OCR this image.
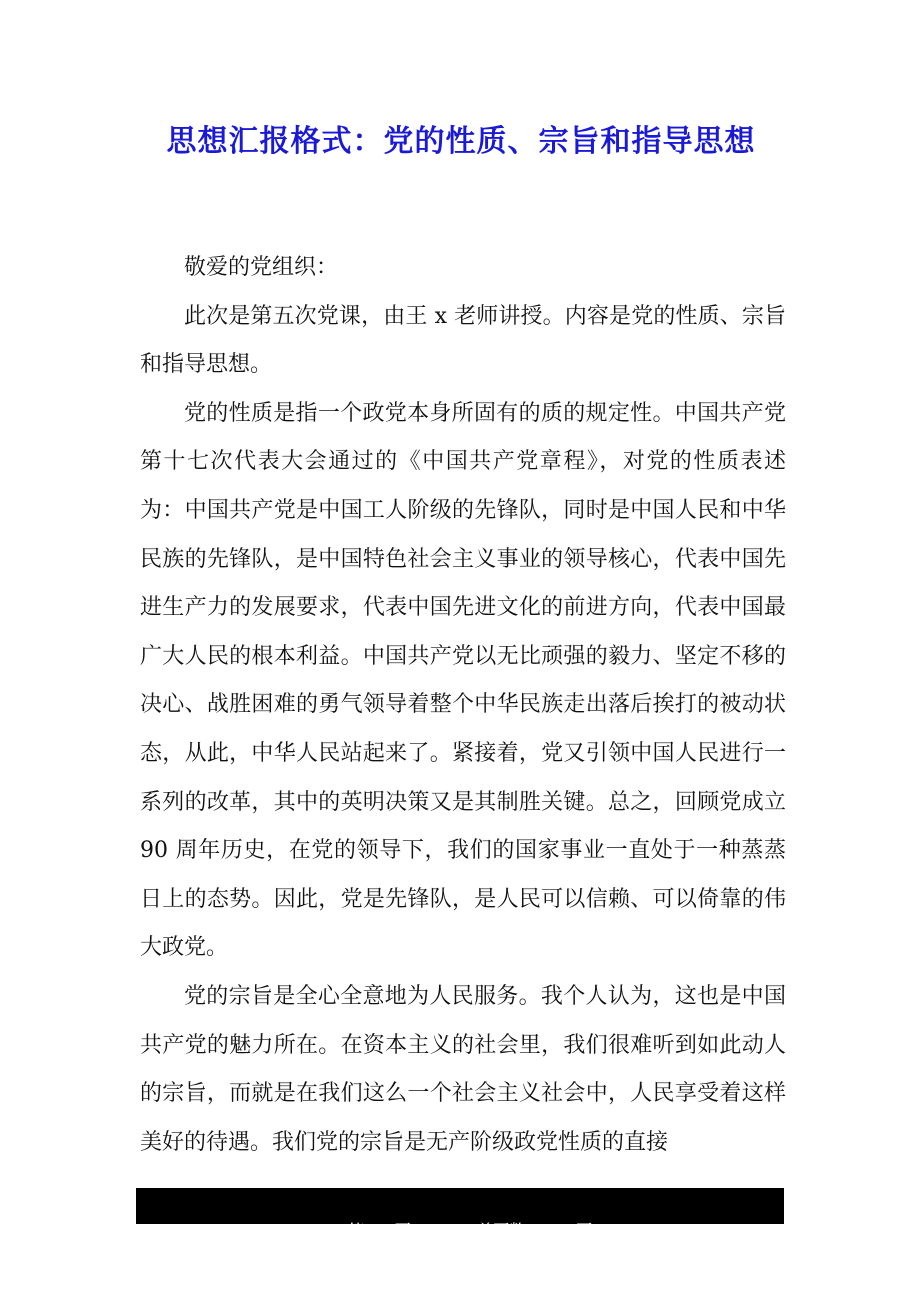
思想汇报格式：党的性质、宗旨和指导思想

敬爱的党组织：

此次是第五次党课，由王 x 老师讲授。内容是党的性质、宗旨和指导思想。

党的性质是指一个政党本身所固有的质的规定性。中国共产党第十七次代表大会通过的《中国共产党章程》，对党的性质表述为：中国共产党是中国工人阶级的先锋队，同时是中国人民和中华民族的先锋队，是中国特色社会主义事业的领导核心，代表中国先进生产力的发展要求，代表中国先进文化的前进方向，代表中国最广大人民的根本利益。中国共产党以无比顽强的毅力、坚定不移的决心、战胜困难的勇气领导着整个中华民族走出落后挨打的被动状态，从此，中华人民站起来了。紧接着，党又引领中国人民进行一系列的改革，其中的英明决策又是其制胜关键。总之，回顾党成立 90 周年历史，在党的领导下，我们的国家事业一直处于一种蒸蒸日上的态势。因此，党是先锋队，是人民可以信赖、可以倚靠的伟大政党。

党的宗旨是全心全意地为人民服务。我个人认为，这也是中国共产党的魅力所在。在资本主义的社会里，我们很难听到如此动人的宗旨，而就是在我们这么一个社会主义社会中，人民享受着这样美好的待遇。我们党的宗旨是无产阶级政党性质的直接

第  1  页      /      总页数  25    页
